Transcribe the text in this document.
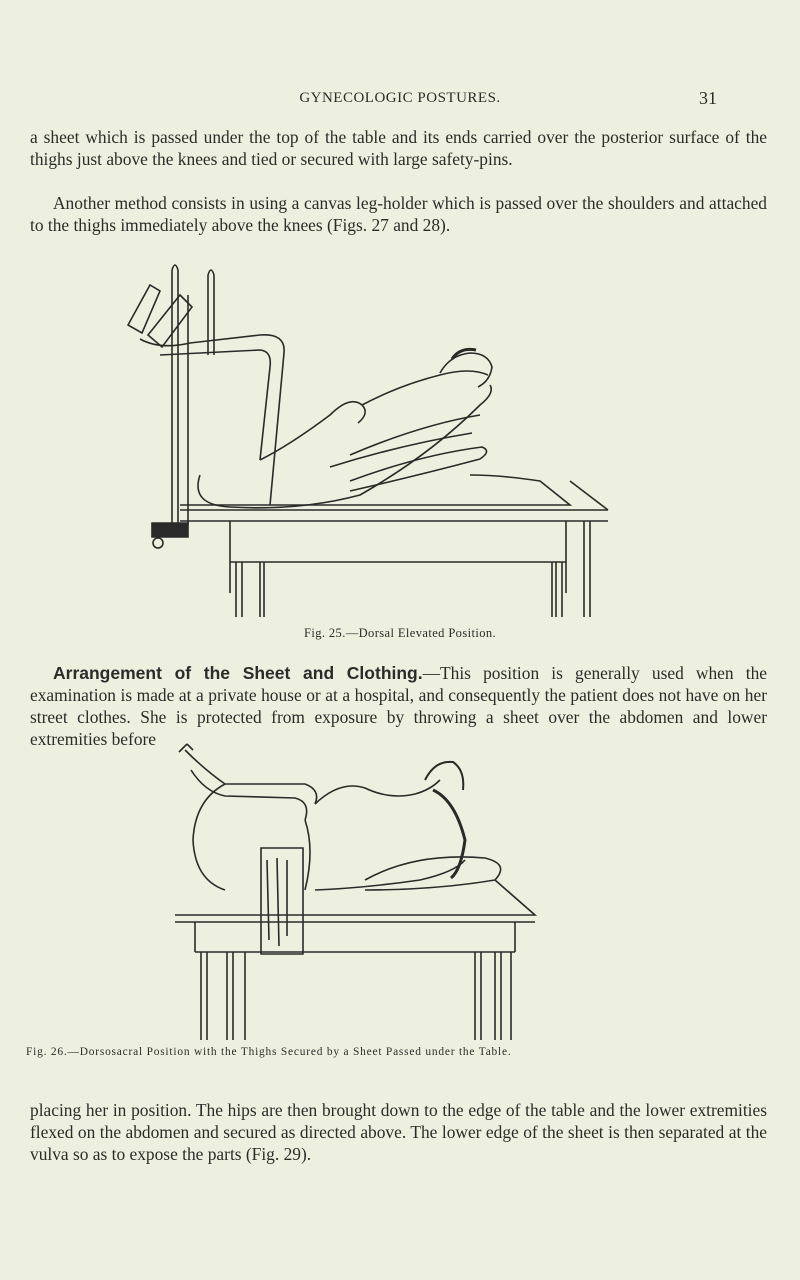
GYNECOLOGIC POSTURES.	31

a sheet which is passed under the top of the table and its ends carried over the posterior surface of the thighs just above the knees and tied or secured with large safety-pins.

Another method consists in using a canvas leg-holder which is passed over the shoulders and attached to the thighs immediately above the knees (Figs. 27 and 28).

Fig. 25.—Dorsal Elevated Position.

Arrangement of the Sheet and Clothing.—This position is generally used when the examination is made at a private house or at a hospital, and consequently the patient does not have on her street clothes. She is protected from exposure by throwing a sheet over the abdomen and lower extremities before

Fig. 26.—Dorsosacral Position with the Thighs Secured by a Sheet Passed under the Table.

placing her in position. The hips are then brought down to the edge of the table and the lower extremities flexed on the abdomen and secured as directed above. The lower edge of the sheet is then separated at the vulva so as to expose the parts (Fig. 29).
